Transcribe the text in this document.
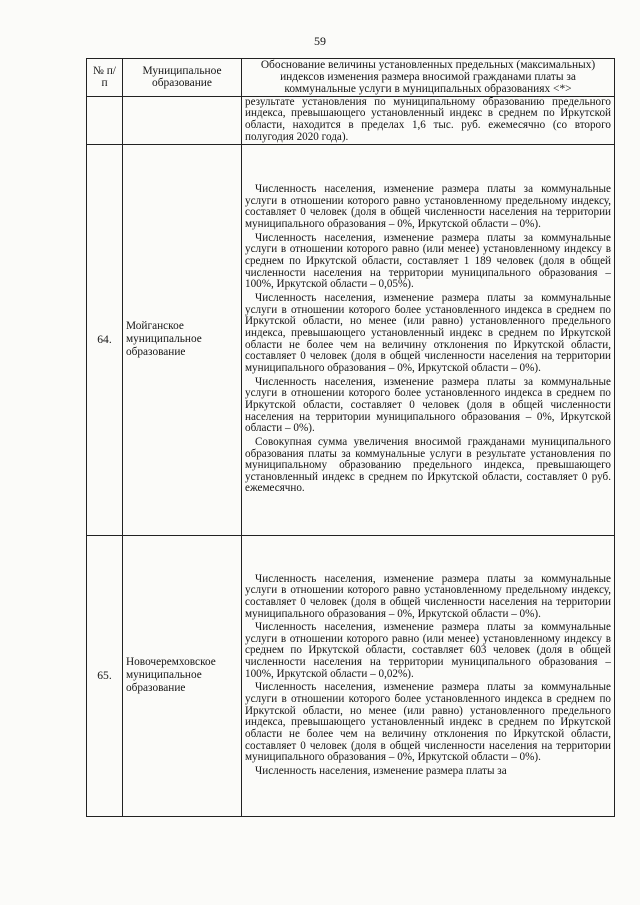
59
№ п/п	Муниципальное образование	Обоснование величины установленных предельных (максимальных) индексов изменения размера вносимой гражданами платы за коммунальные услуги в муниципальных образованиях <*>

		результате установления по муниципальному образованию предельного индекса, превышающего установленный индекс в среднем по Иркутской области, находится в пределах 1,6 тыс. руб. ежемесячно (со второго полугодия 2020 года).

64.	Мойганское муниципальное образование	Численность населения, изменение размера платы за коммунальные услуги в отношении которого равно установленному предельному индексу, составляет 0 человек (доля в общей численности населения на территории муниципального образования – 0%, Иркутской области – 0%).

Численность населения, изменение размера платы за коммунальные услуги в отношении которого равно (или менее) установленному индексу в среднем по Иркутской области, составляет 1 189 человек (доля в общей численности населения на территории муниципального образования – 100%, Иркутской области – 0,05%).

Численность населения, изменение размера платы за коммунальные услуги в отношении которого более установленного индекса в среднем по Иркутской области, но менее (или равно) установленного предельного индекса, превышающего установленный индекс в среднем по Иркутской области не более чем на величину отклонения по Иркутской области, составляет 0 человек (доля в общей численности населения на территории муниципального образования – 0%, Иркутской области – 0%).

Численность населения, изменение размера платы за коммунальные услуги в отношении которого более установленного индекса в среднем по Иркутской области, составляет 0 человек (доля в общей численности населения на территории муниципального образования – 0%, Иркутской области – 0%).

Совокупная сумма увеличения вносимой гражданами муниципального образования платы за коммунальные услуги в результате установления по муниципальному образованию предельного индекса, превышающего установленный индекс в среднем по Иркутской области, составляет 0 руб. ежемесячно.

65.	Новочеремховское муниципальное образование	Численность населения, изменение размера платы за коммунальные услуги в отношении которого равно установленному предельному индексу, составляет 0 человек (доля в общей численности населения на территории муниципального образования – 0%, Иркутской области – 0%).

Численность населения, изменение размера платы за коммунальные услуги в отношении которого равно (или менее) установленному индексу в среднем по Иркутской области, составляет 603 человек (доля в общей численности населения на территории муниципального образования – 100%, Иркутской области – 0,02%).

Численность населения, изменение размера платы за коммунальные услуги в отношении которого более установленного индекса в среднем по Иркутской области, но менее (или равно) установленного предельного индекса, превышающего установленный индекс в среднем по Иркутской области не более чем на величину отклонения по Иркутской области, составляет 0 человек (доля в общей численности населения на территории муниципального образования – 0%, Иркутской области – 0%).

Численность населения, изменение размера платы за
